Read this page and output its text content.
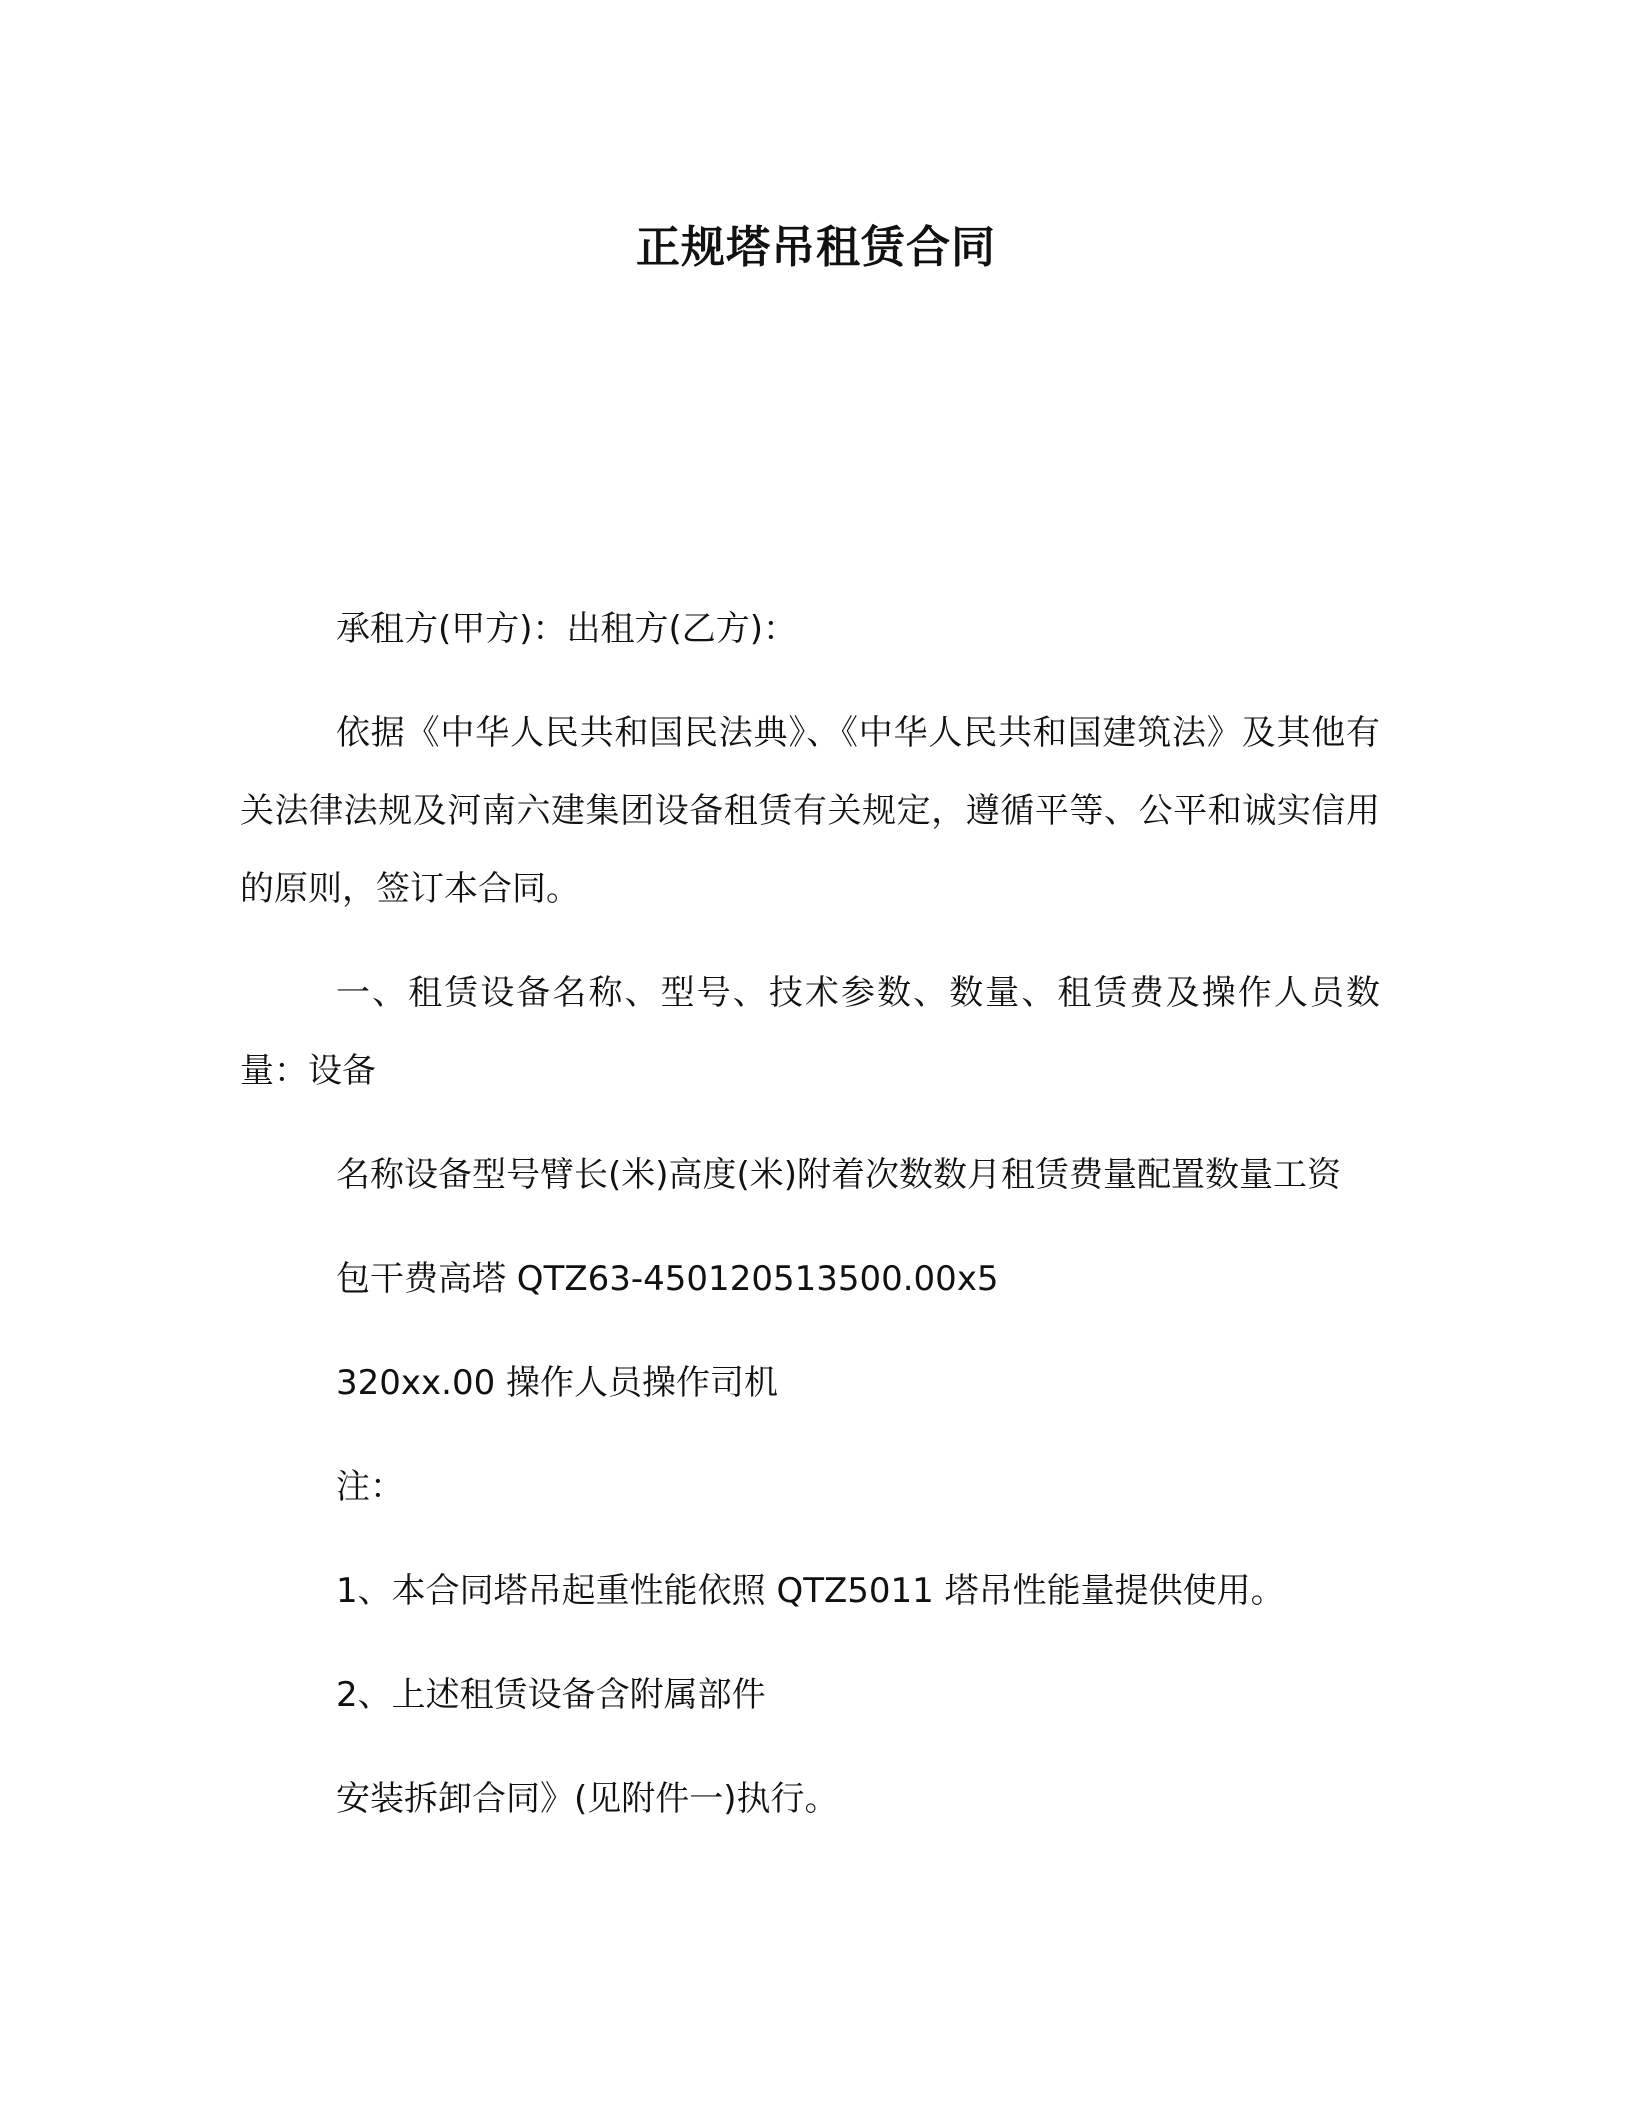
正规塔吊租赁合同

承租方(甲方)：出租方(乙方)：

依据《中华人民共和国民法典》、《中华人民共和国建筑法》及其他有关法律法规及河南六建集团设备租赁有关规定，遵循平等、公平和诚实信用的原则，签订本合同。

一、租赁设备名称、型号、技术参数、数量、租赁费及操作人员数量：设备

名称设备型号臂长(米)高度(米)附着次数数月租赁费量配置数量工资

包干费高塔 QTZ63-450120513500.00x5

320xx.00 操作人员操作司机

注：

1、本合同塔吊起重性能依照 QTZ5011 塔吊性能量提供使用。

2、上述租赁设备含附属部件

安装拆卸合同》(见附件一)执行。
